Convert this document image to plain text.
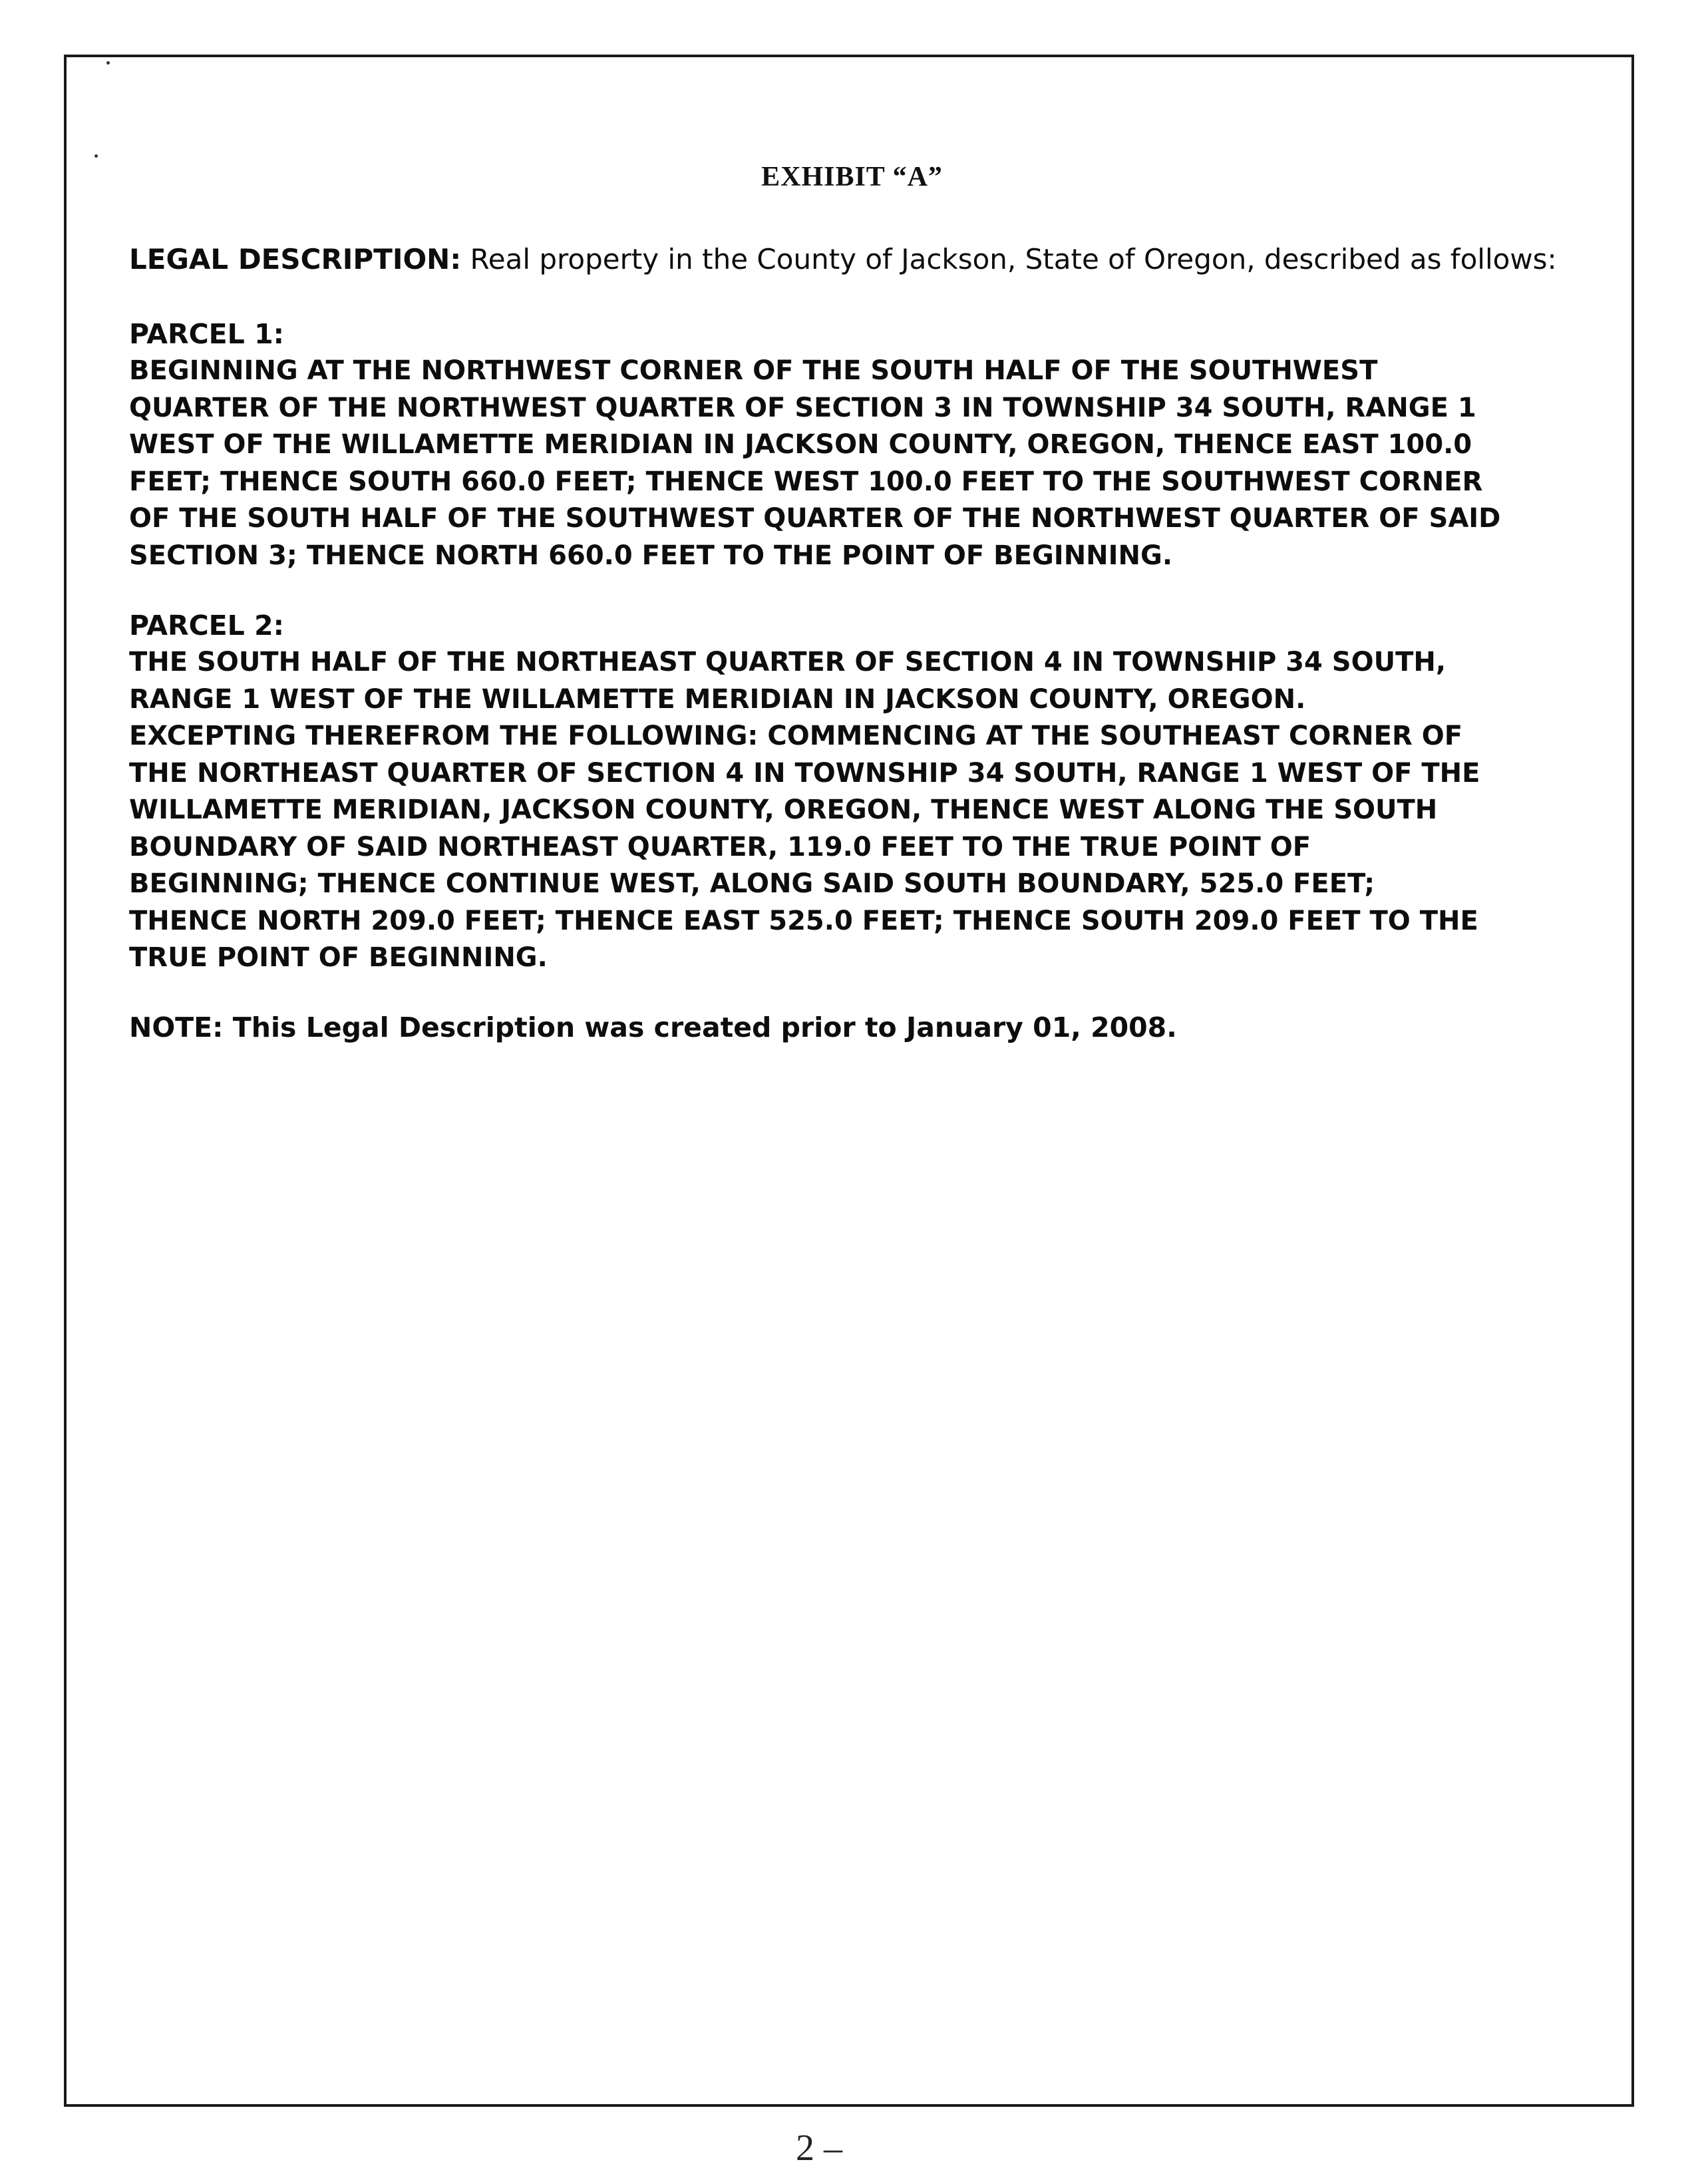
EXHIBIT “A”
LEGAL DESCRIPTION: Real property in the County of Jackson, State of Oregon, described as follows:
PARCEL 1:
BEGINNING AT THE NORTHWEST CORNER OF THE SOUTH HALF OF THE SOUTHWEST
QUARTER OF THE NORTHWEST QUARTER OF SECTION 3 IN TOWNSHIP 34 SOUTH, RANGE 1
WEST OF THE WILLAMETTE MERIDIAN IN JACKSON COUNTY, OREGON, THENCE EAST 100.0
FEET; THENCE SOUTH 660.0 FEET; THENCE WEST 100.0 FEET TO THE SOUTHWEST CORNER
OF THE SOUTH HALF OF THE SOUTHWEST QUARTER OF THE NORTHWEST QUARTER OF SAID
SECTION 3; THENCE NORTH 660.0 FEET TO THE POINT OF BEGINNING.
PARCEL 2:
THE SOUTH HALF OF THE NORTHEAST QUARTER OF SECTION 4 IN TOWNSHIP 34 SOUTH,
RANGE 1 WEST OF THE WILLAMETTE MERIDIAN IN JACKSON COUNTY, OREGON.
EXCEPTING THEREFROM THE FOLLOWING: COMMENCING AT THE SOUTHEAST CORNER OF
THE NORTHEAST QUARTER OF SECTION 4 IN TOWNSHIP 34 SOUTH, RANGE 1 WEST OF THE
WILLAMETTE MERIDIAN, JACKSON COUNTY, OREGON, THENCE WEST ALONG THE SOUTH
BOUNDARY OF SAID NORTHEAST QUARTER, 119.0 FEET TO THE TRUE POINT OF
BEGINNING; THENCE CONTINUE WEST, ALONG SAID SOUTH BOUNDARY, 525.0 FEET;
THENCE NORTH 209.0 FEET; THENCE EAST 525.0 FEET; THENCE SOUTH 209.0 FEET TO THE
TRUE POINT OF BEGINNING.
NOTE: This Legal Description was created prior to January 01, 2008.
2 –
